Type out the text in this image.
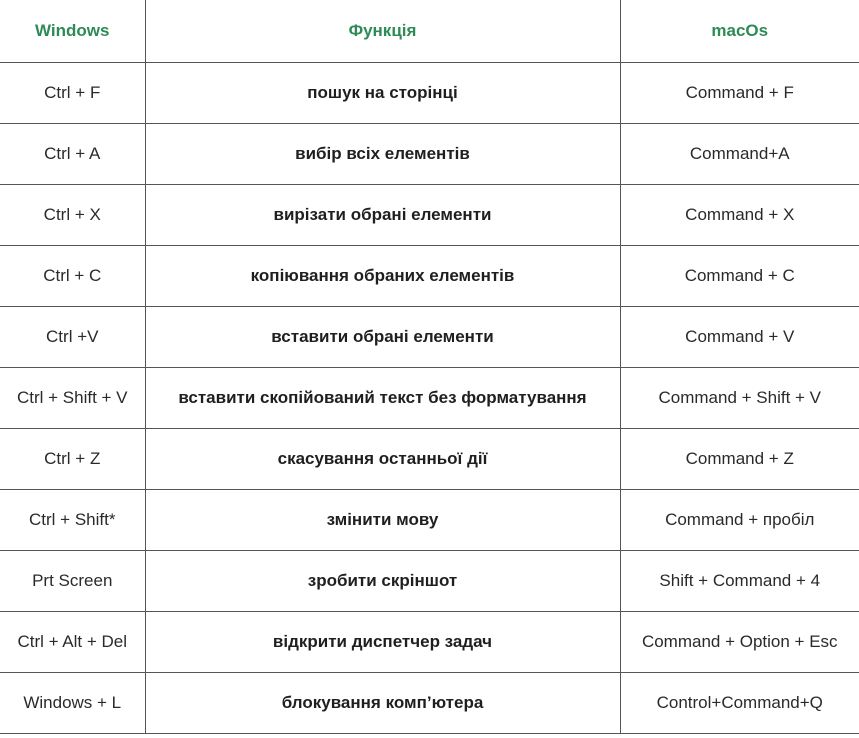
Windows	Функція	macOs
Ctrl + F	пошук на сторінці	Command + F
Ctrl + A	вибір всіх елементів	Command+A
Ctrl + X	вирізати обрані елементи	Command + X
Ctrl + C	копіювання обраних елементів	Command + C
Ctrl +V	вставити обрані елементи	Command + V
Ctrl + Shift + V	вставити скопійований текст без форматування	Command + Shift + V
Ctrl + Z	скасування останньої дії	Command + Z
Ctrl + Shift*	змінити мову	Command + пробіл
Prt Screen	зробити скріншот	Shift + Command + 4
Ctrl + Alt + Del	відкрити диспетчер задач	Command + Option + Esc
Windows + L	блокування комп’ютера	Control+Command+Q
